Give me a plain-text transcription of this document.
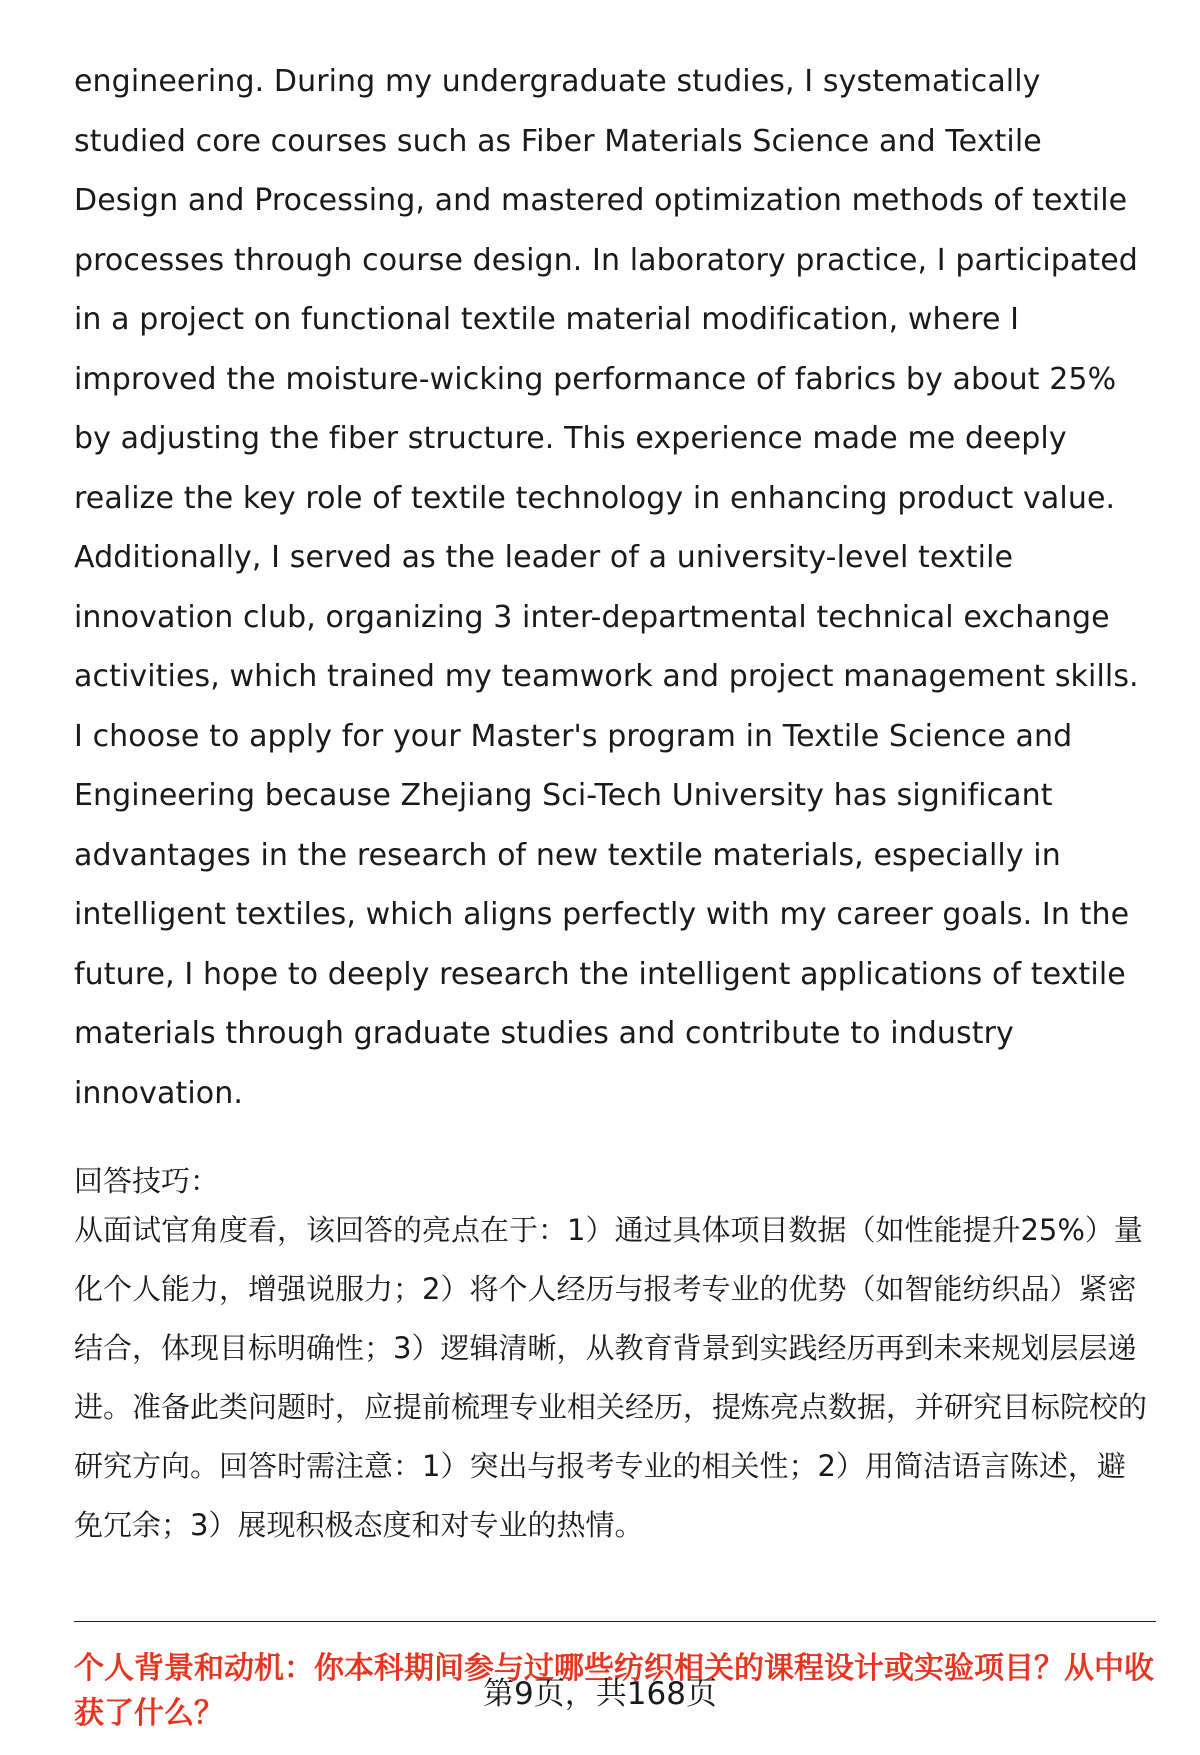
engineering. During my undergraduate studies, I systematically studied core courses such as Fiber Materials Science and Textile Design and Processing, and mastered optimization methods of textile processes through course design. In laboratory practice, I participated in a project on functional textile material modification, where I improved the moisture-wicking performance of fabrics by about 25% by adjusting the fiber structure. This experience made me deeply realize the key role of textile technology in enhancing product value. Additionally, I served as the leader of a university-level textile innovation club, organizing 3 inter-departmental technical exchange activities, which trained my teamwork and project management skills. I choose to apply for your Master's program in Textile Science and Engineering because Zhejiang Sci-Tech University has significant advantages in the research of new textile materials, especially in intelligent textiles, which aligns perfectly with my career goals. In the future, I hope to deeply research the intelligent applications of textile materials through graduate studies and contribute to industry innovation.

回答技巧：

从面试官角度看，该回答的亮点在于：1）通过具体项目数据（如性能提升25%）量化个人能力，增强说服力；2）将个人经历与报考专业的优势（如智能纺织品）紧密结合，体现目标明确性；3）逻辑清晰，从教育背景到实践经历再到未来规划层层递进。准备此类问题时，应提前梳理专业相关经历，提炼亮点数据，并研究目标院校的研究方向。回答时需注意：1）突出与报考专业的相关性；2）用简洁语言陈述，避免冗余；3）展现积极态度和对专业的热情。

个人背景和动机：你本科期间参与过哪些纺织相关的课程设计或实验项目？从中收获了什么？
第9页，共168页
